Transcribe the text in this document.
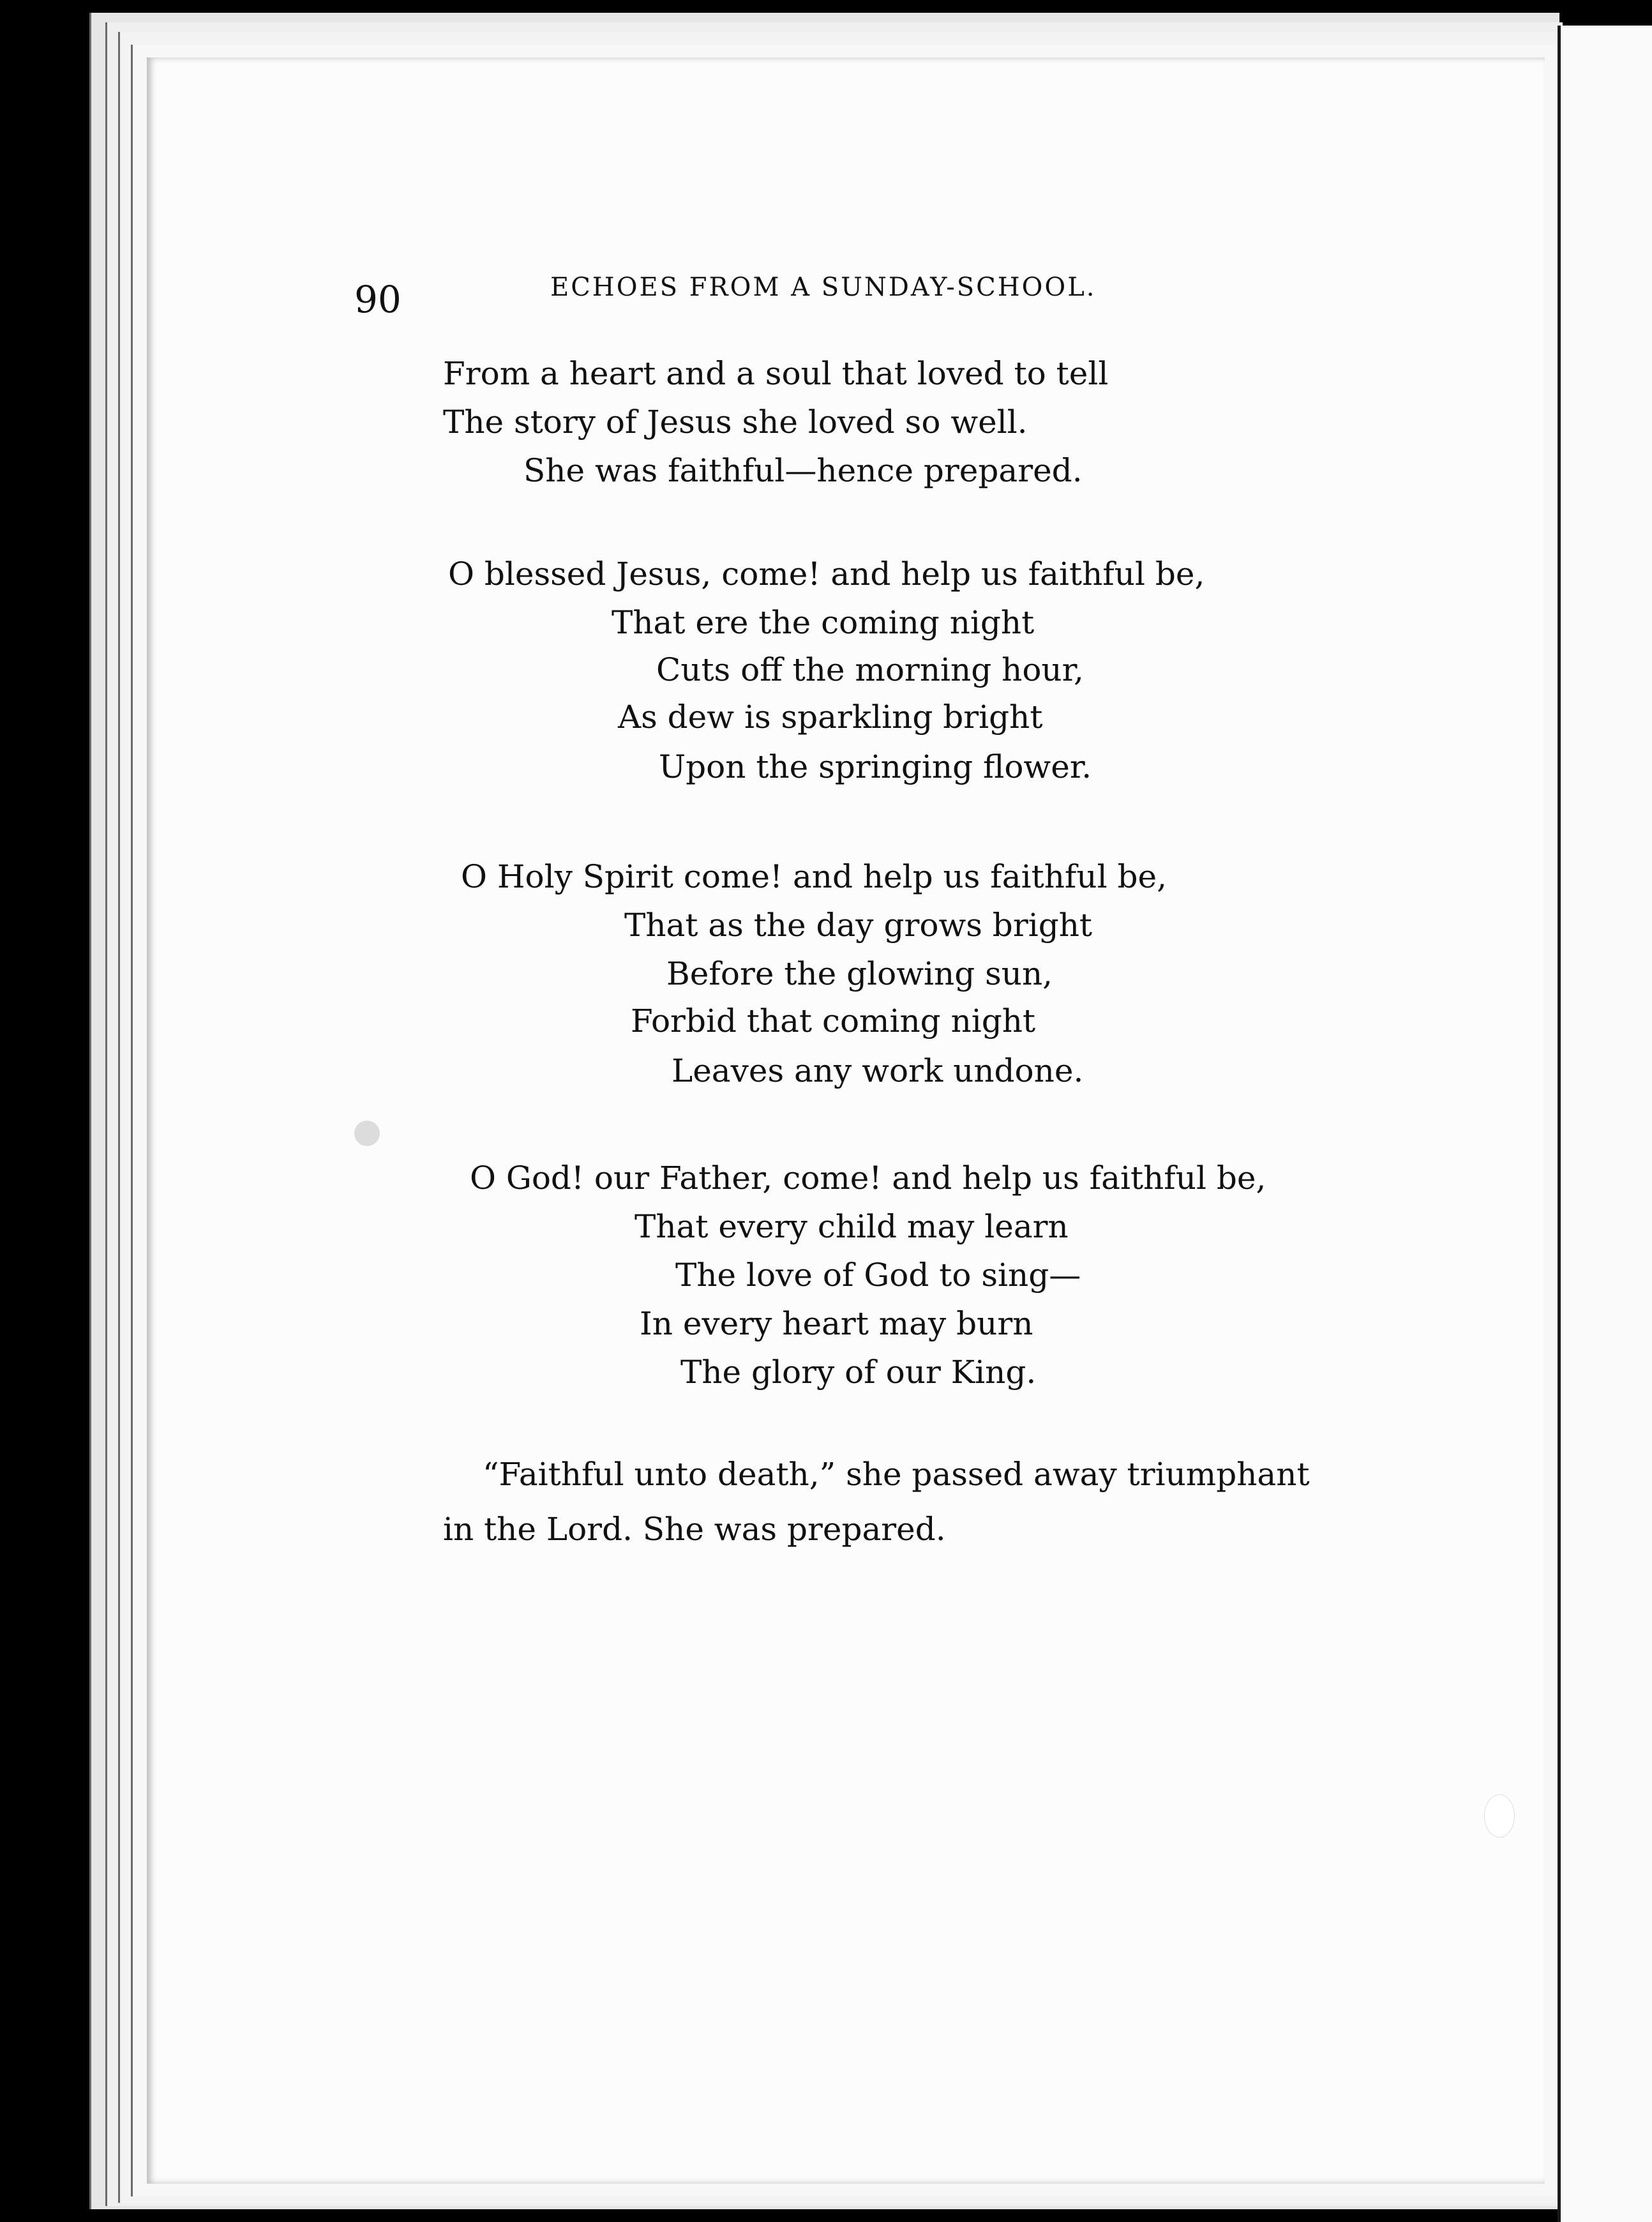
90	ECHOES FROM A SUNDAY-SCHOOL.
From a heart and a soul that loved to tell
The story of Jesus she loved so well.
She was faithful—hence prepared.
O blessed Jesus, come! and help us faithful be,
That ere the coming night
Cuts off the morning hour,
As dew is sparkling bright
Upon the springing flower.
O Holy Spirit come! and help us faithful be,
That as the day grows bright
Before the glowing sun,
Forbid that coming night
Leaves any work undone.
O God! our Father, come! and help us faithful be,
That every child may learn
The love of God to sing—
In every heart may burn
The glory of our King.
“Faithful unto death,” she passed away triumphant
in the Lord. She was prepared.
